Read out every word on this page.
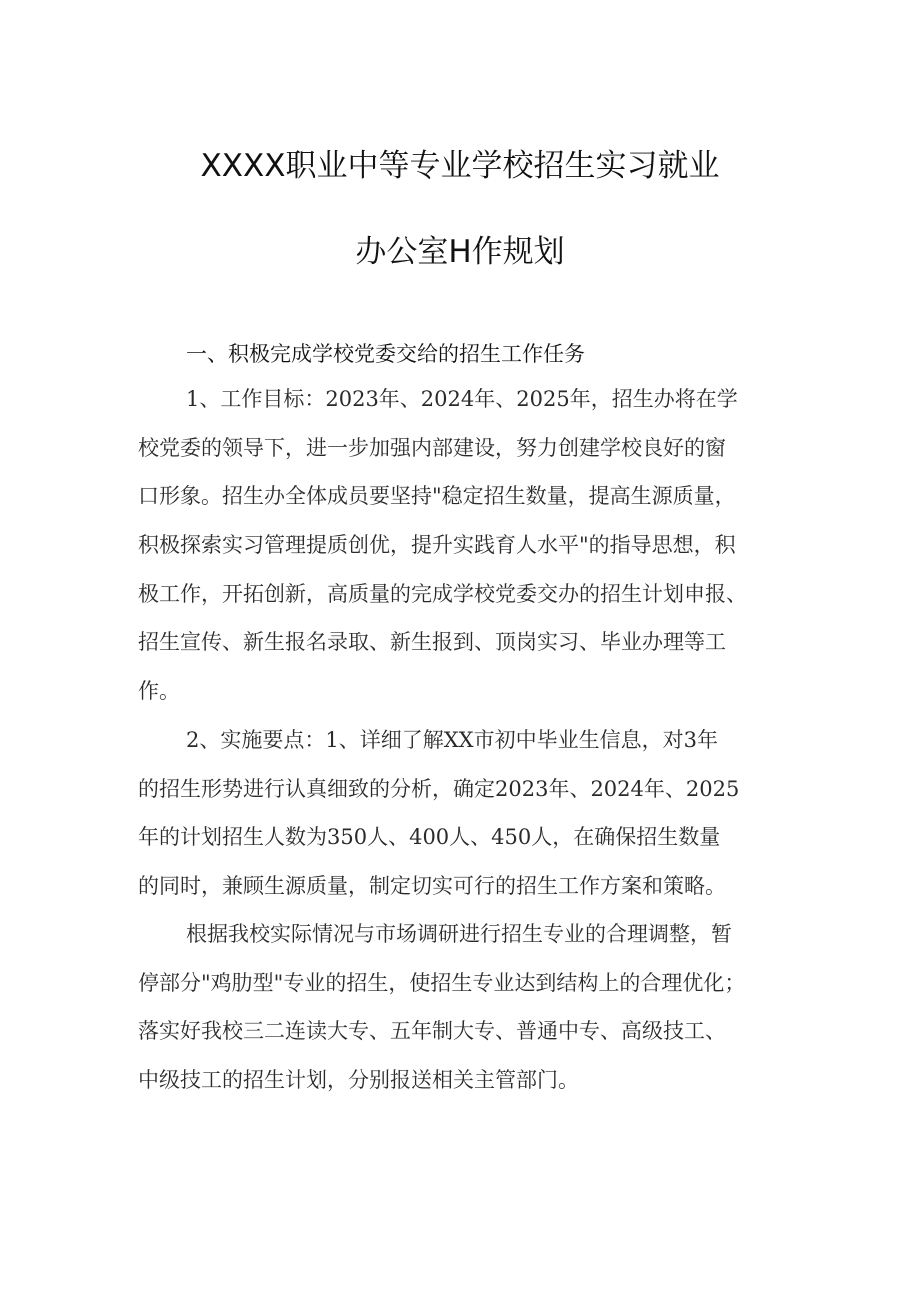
XXXX职业中等专业学校招生实习就业
办公室H作规划
一、积极完成学校党委交给的招生工作任务

1、工作目标：2023年、2024年、2025年，招生办将在学
校党委的领导下，进一步加强内部建设，努力创建学校良好的窗
口形象。招生办全体成员要坚持"稳定招生数量，提高生源质量，
积极探索实习管理提质创优，提升实践育人水平"的指导思想，积
极工作，开拓创新，高质量的完成学校党委交办的招生计划申报、
招生宣传、新生报名录取、新生报到、顶岗实习、毕业办理等工
作。

2、实施要点：1、详细了解XX市初中毕业生信息，对3年
的招生形势进行认真细致的分析，确定2023年、2024年、2025
年的计划招生人数为350人、400人、450人，在确保招生数量
的同时，兼顾生源质量，制定切实可行的招生工作方案和策略。

根据我校实际情况与市场调研进行招生专业的合理调整，暂
停部分"鸡肋型"专业的招生，使招生专业达到结构上的合理优化；
落实好我校三二连读大专、五年制大专、普通中专、高级技工、
中级技工的招生计划，分别报送相关主管部门。
